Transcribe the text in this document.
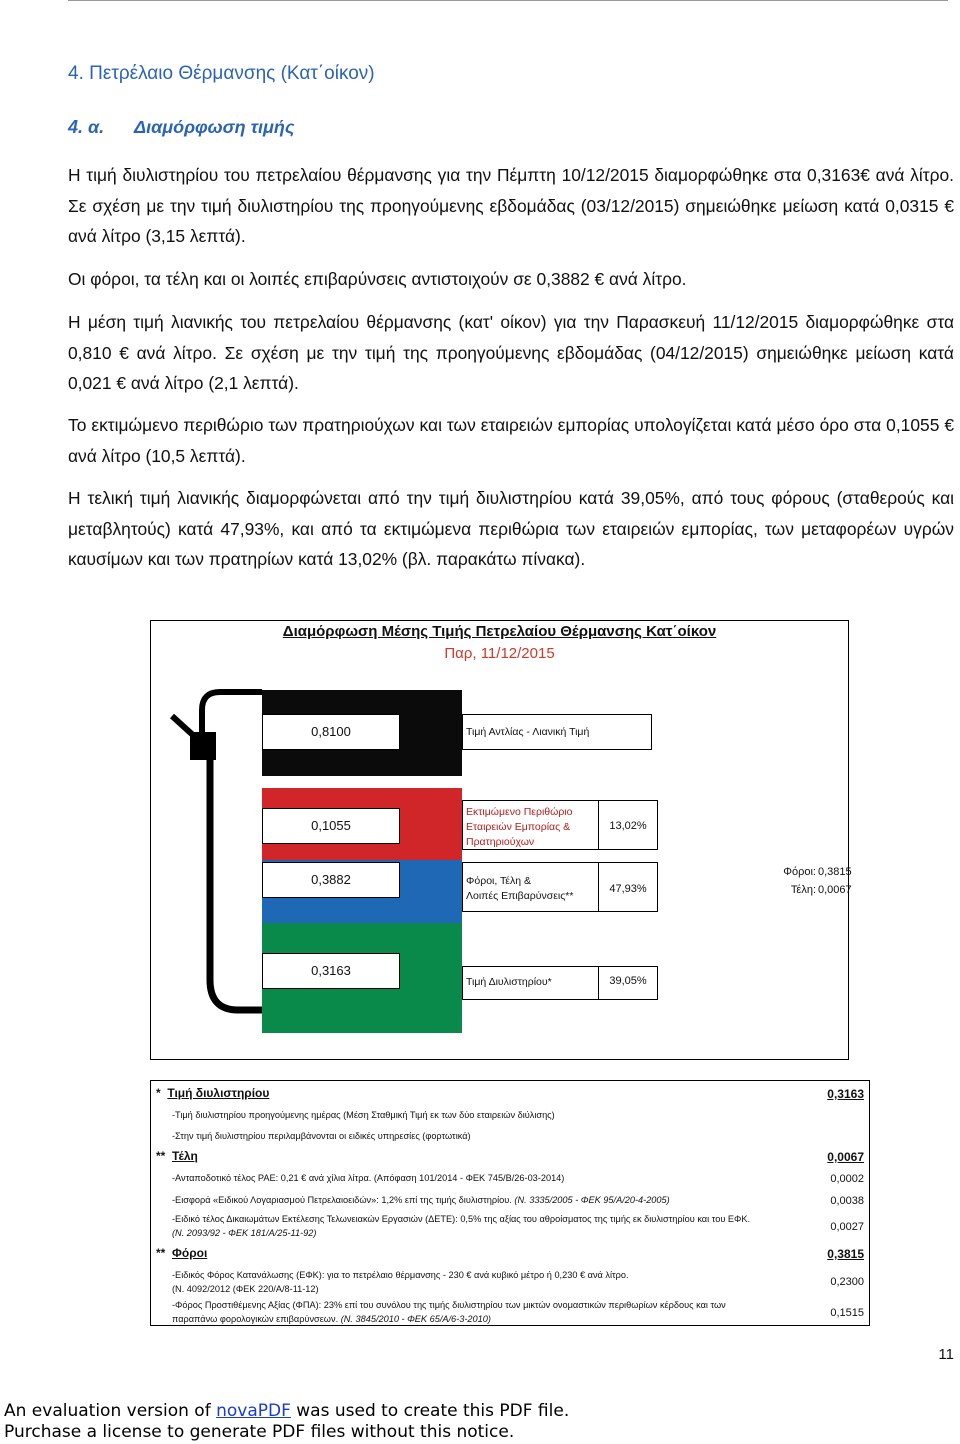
4. Πετρέλαιο Θέρμανσης (Κατ΄οίκον)
4. α. Διαμόρφωση τιμής

Η τιμή διυλιστηρίου του πετρελαίου θέρμανσης για την Πέμπτη 10/12/2015 διαμορφώθηκε στα 0,3163€ ανά λίτρο. Σε σχέση με την τιμή διυλιστηρίου της προηγούμενης εβδομάδας (03/12/2015) σημειώθηκε μείωση κατά 0,0315 € ανά λίτρο (3,15 λεπτά).

Οι φόροι, τα τέλη και οι λοιπές επιβαρύνσεις αντιστοιχούν σε 0,3882 € ανά λίτρο.

Η μέση τιμή λιανικής του πετρελαίου θέρμανσης (κατ' οίκον) για την Παρασκευή 11/12/2015 διαμορφώθηκε στα 0,810 € ανά λίτρο. Σε σχέση με την τιμή της προηγούμενης εβδομάδας (04/12/2015) σημειώθηκε μείωση κατά 0,021 € ανά λίτρο (2,1 λεπτά).

Το εκτιμώμενο περιθώριο των πρατηριούχων και των εταιρειών εμπορίας υπολογίζεται κατά μέσο όρο στα 0,1055 € ανά λίτρο (10,5 λεπτά).

Η τελική τιμή λιανικής διαμορφώνεται από την τιμή διυλιστηρίου κατά 39,05%, από τους φόρους (σταθερούς και μεταβλητούς) κατά 47,93%, και από τα εκτιμώμενα περιθώρια των εταιρειών εμπορίας, των μεταφορέων υγρών καυσίμων και των πρατηρίων κατά 13,02% (βλ. παρακάτω πίνακα).

Διαμόρφωση Μέσης Τιμής Πετρελαίου Θέρμανσης Κατ΄οίκον
Παρ, 11/12/2015
0,8100
0,1055
0,3882
0,3163
Τιμή Αντλίας - Λιανική Τιμή
Εκτιμώμενο Περιθώριο
Εταιρειών Εμπορίας &
Πρατηριούχων
13,02%
Φόροι, Τέλη &
Λοιπές Επιβαρύνσεις**
47,93%
Τιμή Διυλιστηρίου*	39,05%
Φόροι: 0,3815
Τέλη: 0,0067
* Τιμή διυλιστηρίου	0,3163
-Τιμή διυλιστηρίου προηγούμενης ημέρας (Μέση Σταθμική Τιμή εκ των δύο εταιρειών διύλισης)
-Στην τιμή διυλιστηρίου περιλαμβάνονται οι ειδικές υπηρεσίες (φορτωτικά)
** Τέλη	0,0067
-Ανταποδοτικό τέλος ΡΑΕ: 0,21 € ανά χίλια λίτρα. (Απόφαση 101/2014 - ΦΕΚ 745/Β/26-03-2014)	0,0002
-Εισφορά «Ειδικού Λογαριασμού Πετρελαιοειδών»: 1,2% επί της τιμής διυλιστηρίου. (Ν. 3335/2005 - ΦΕΚ 95/Α/20-4-2005)	0,0038
-Ειδικό τέλος Δικαιωμάτων Εκτέλεσης Τελωνειακών Εργασιών (ΔΕΤΕ): 0,5% της αξίας του αθροίσματος της τιμής εκ διυλιστηρίου και του ΕΦΚ.
(Ν. 2093/92 - ΦΕΚ 181/Α/25-11-92)	0,0027
** Φόροι	0,3815
-Ειδικός Φόρος Κατανάλωσης (ΕΦΚ): για το πετρέλαιο θέρμανσης - 230 € ανά κυβικό μέτρο ή 0,230 € ανά λίτρο.
(Ν. 4092/2012 (ΦΕΚ 220/Α/8-11-12)
0,2300
-Φόρος Προστιθέμενης Αξίας (ΦΠΑ): 23% επί του συνόλου της τιμής διυλιστηρίου των μικτών ονομαστικών περιθωρίων κέρδους και των
παραπάνω φορολογικών επιβαρύνσεων. (Ν. 3845/2010 - ΦΕΚ 65/Α/6-3-2010)	0,1515
11
An evaluation version of novaPDF was used to create this PDF file.
Purchase a license to generate PDF files without this notice.
